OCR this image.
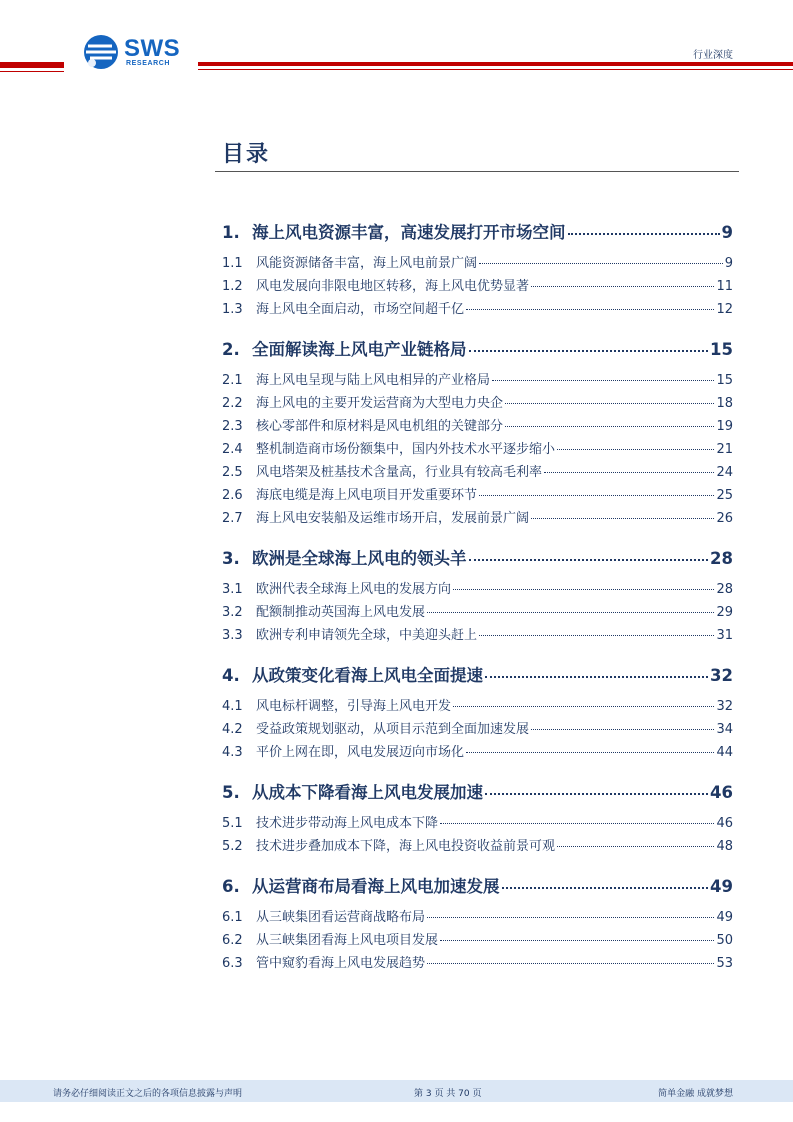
SWS
RESEARCH
行业深度
目录
1. 海上风电资源丰富，高速发展打开市场空间	9
1.1	风能资源储备丰富，海上风电前景广阔	9
1.2	风电发展向非限电地区转移，海上风电优势显著	11
1.3	海上风电全面启动，市场空间超千亿	12
2. 全面解读海上风电产业链格局	15
2.1	海上风电呈现与陆上风电相异的产业格局	15
2.2	海上风电的主要开发运营商为大型电力央企	18
2.3	核心零部件和原材料是风电机组的关键部分	19
2.4	整机制造商市场份额集中，国内外技术水平逐步缩小	21
2.5	风电塔架及桩基技术含量高，行业具有较高毛利率	24
2.6	海底电缆是海上风电项目开发重要环节	25
2.7	海上风电安装船及运维市场开启，发展前景广阔	26
3. 欧洲是全球海上风电的领头羊	28
3.1	欧洲代表全球海上风电的发展方向	28
3.2	配额制推动英国海上风电发展	29
3.3	欧洲专利申请领先全球，中美迎头赶上	31
4. 从政策变化看海上风电全面提速	32
4.1	风电标杆调整，引导海上风电开发	32
4.2	受益政策规划驱动，从项目示范到全面加速发展	34
4.3	平价上网在即，风电发展迈向市场化	44
5. 从成本下降看海上风电发展加速	46
5.1	技术进步带动海上风电成本下降	46
5.2	技术进步叠加成本下降，海上风电投资收益前景可观	48
6. 从运营商布局看海上风电加速发展	49
6.1	从三峡集团看运营商战略布局	49
6.2	从三峡集团看海上风电项目发展	50
6.3	管中窥豹看海上风电发展趋势	53
请务必仔细阅读正文之后的各项信息披露与声明	第 3 页 共 70 页	简单金融 成就梦想
